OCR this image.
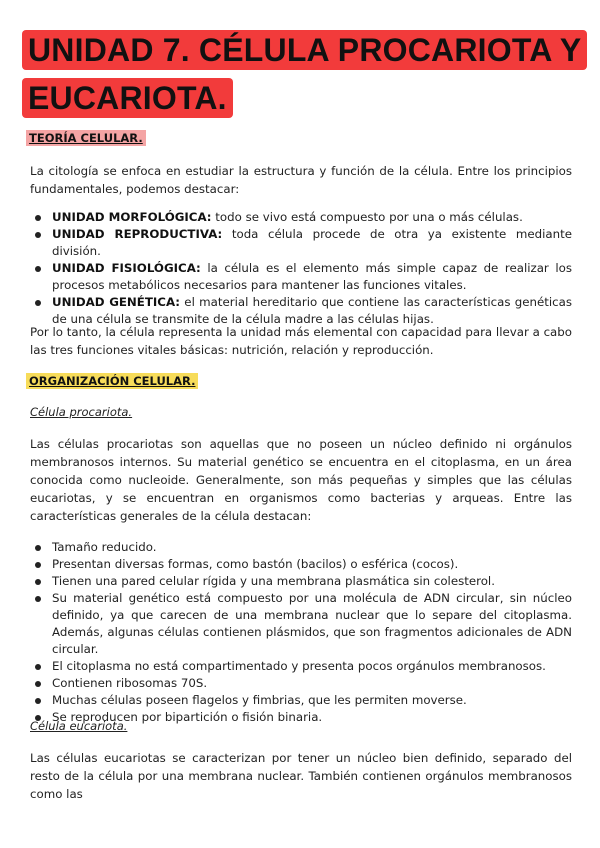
UNIDAD 7. CÉLULA PROCARIOTA Y
EUCARIOTA.
TEORÍA CELULAR.
La citología se enfoca en estudiar la estructura y función de la célula. Entre los principios fundamentales, podemos destacar:
UNIDAD MORFOLÓGICA: todo se vivo está compuesto por una o más células.
UNIDAD REPRODUCTIVA: toda célula procede de otra ya existente mediante división.
UNIDAD FISIOLÓGICA: la célula es el elemento más simple capaz de realizar los procesos metabólicos necesarios para mantener las funciones vitales.
UNIDAD GENÉTICA: el material hereditario que contiene las características genéticas de una célula se transmite de la célula madre a las células hijas.
Por lo tanto, la célula representa la unidad más elemental con capacidad para llevar a cabo las tres funciones vitales básicas: nutrición, relación y reproducción.
ORGANIZACIÓN CELULAR.
Célula procariota.
Las células procariotas son aquellas que no poseen un núcleo definido ni orgánulos membranosos internos. Su material genético se encuentra en el citoplasma, en un área conocida como nucleoide. Generalmente, son más pequeñas y simples que las células eucariotas, y se encuentran en organismos como bacterias y arqueas. Entre las características generales de la célula destacan:
Tamaño reducido.
Presentan diversas formas, como bastón (bacilos) o esférica (cocos).
Tienen una pared celular rígida y una membrana plasmática sin colesterol.
Su material genético está compuesto por una molécula de ADN circular, sin núcleo definido, ya que carecen de una membrana nuclear que lo separe del citoplasma. Además, algunas células contienen plásmidos, que son fragmentos adicionales de ADN circular.
El citoplasma no está compartimentado y presenta pocos orgánulos membranosos.
Contienen ribosomas 70S.
Muchas células poseen flagelos y fimbrias, que les permiten moverse.
Se reproducen por bipartición o fisión binaria.
Célula eucariota.
Las células eucariotas se caracterizan por tener un núcleo bien definido, separado del resto de la célula por una membrana nuclear. También contienen orgánulos membranosos como las
